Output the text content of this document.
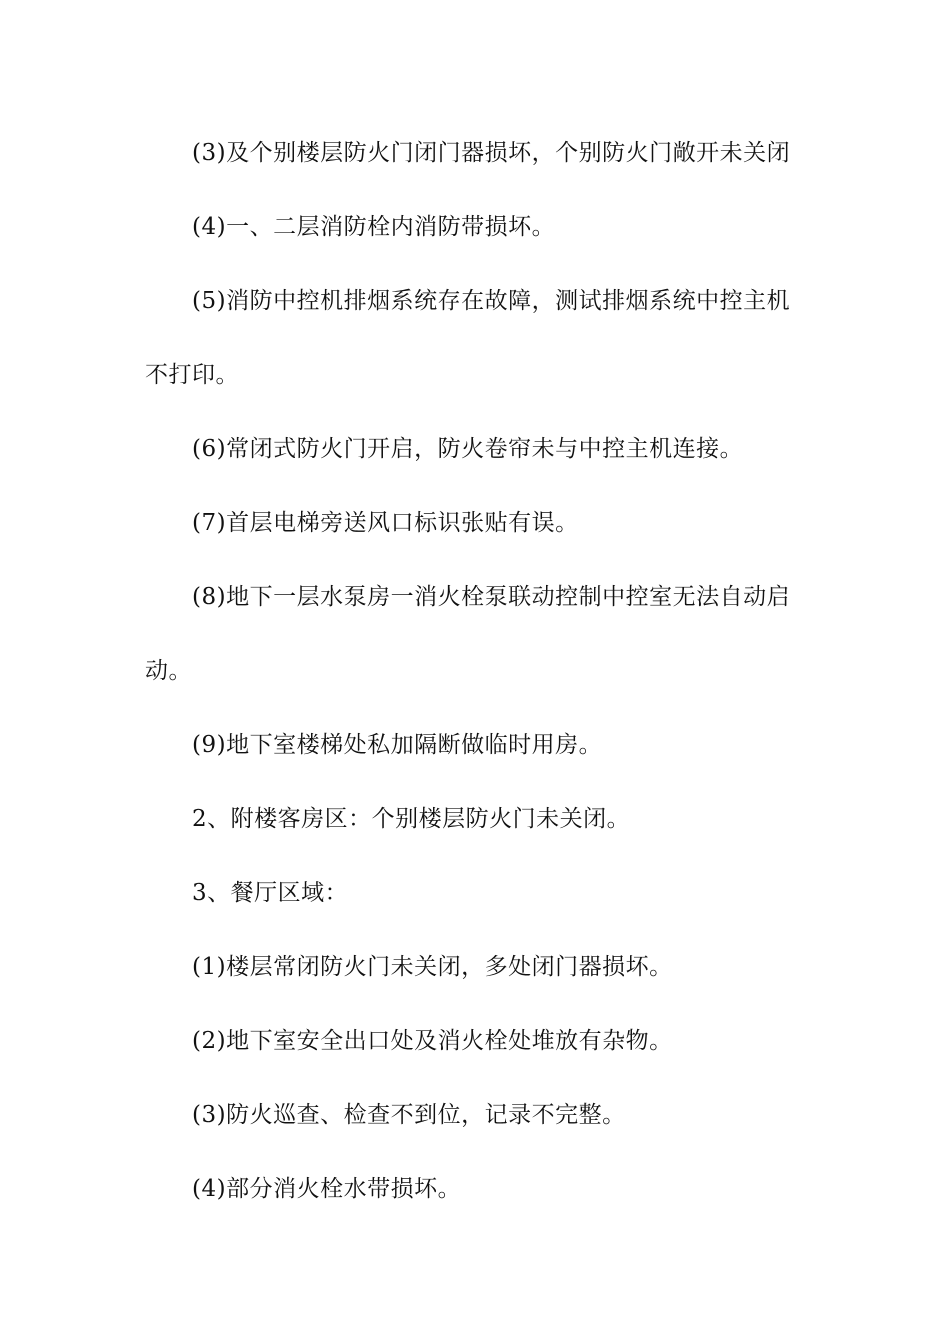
(3)及个别楼层防火门闭门器损坏，个别防火门敞开未关闭
(4)一、二层消防栓内消防带损坏。
(5)消防中控机排烟系统存在故障，测试排烟系统中控主机
不打印。
(6)常闭式防火门开启，防火卷帘未与中控主机连接。
(7)首层电梯旁送风口标识张贴有误。
(8)地下一层水泵房一消火栓泵联动控制中控室无法自动启
动。
(9)地下室楼梯处私加隔断做临时用房。
2、附楼客房区：个别楼层防火门未关闭。
3、餐厅区域：
(1)楼层常闭防火门未关闭，多处闭门器损坏。
(2)地下室安全出口处及消火栓处堆放有杂物。
(3)防火巡查、检查不到位，记录不完整。
(4)部分消火栓水带损坏。
